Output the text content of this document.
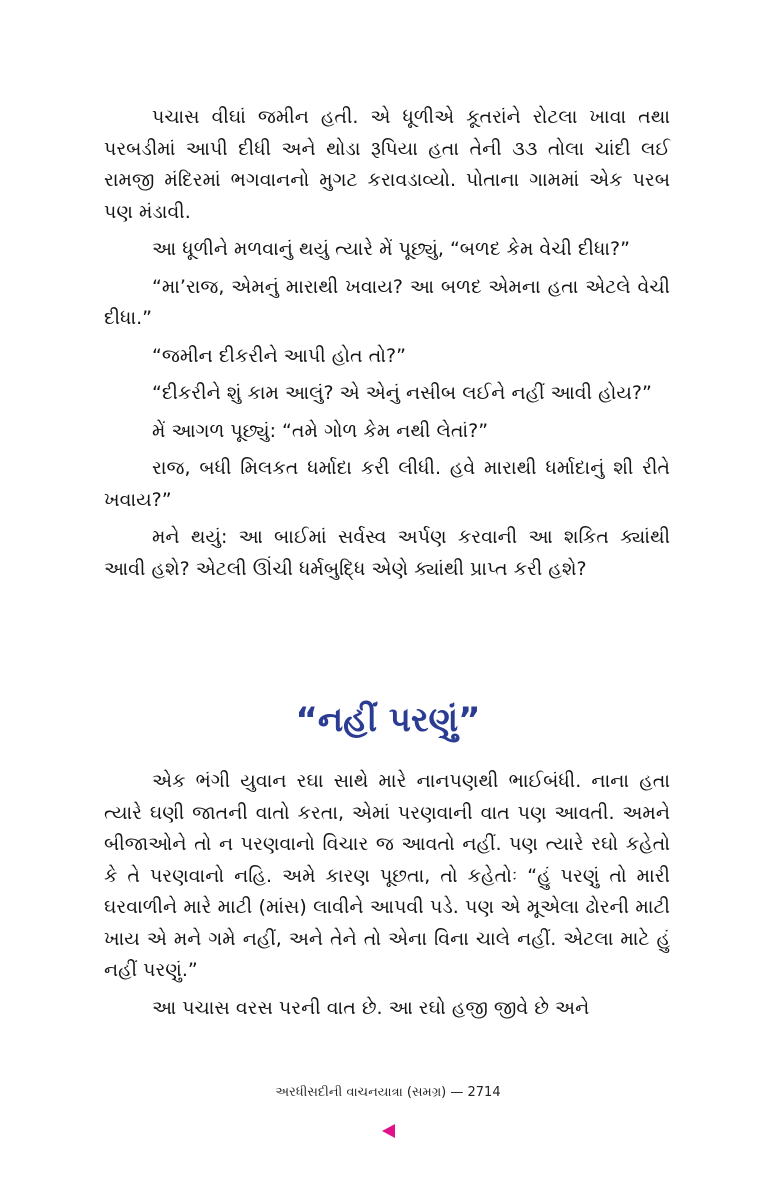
પચાસ વીઘાં જમીન હતી. એ ધૂળીએ કૂતરાંને રોટલા ખાવા તથા પરબડીમાં આપી દીધી અને થોડા રૂપિયા હતા તેની ૩૩ તોલા ચાંદી લઈ રામજી મંદિરમાં ભગવાનનો મુગટ કરાવડાવ્યો. પોતાના ગામમાં એક પરબ પણ મંડાવી.

આ ધૂળીને મળવાનું થયું ત્યારે મેં પૂછ્યું, “બળદ કેમ વેચી દીધા?”

“મા’રાજ, એમનું મારાથી ખવાય? આ બળદ એમના હતા એટલે વેચી દીધા.”

“જમીન દીકરીને આપી હોત તો?”

“દીકરીને શું કામ આલું? એ એનું નસીબ લઈને નહીં આવી હોય?”

મેં આગળ પૂછ્યું: “તમે ગોળ કેમ નથી લેતાં?”

રાજ, બધી મિલકત ધર્માદા કરી લીધી. હવે મારાથી ધર્માદાનું શી રીતે ખવાય?”

મને થયું: આ બાઈમાં સર્વસ્વ અર્પણ કરવાની આ શકિત ક્યાંથી આવી હશે? એટલી ઊંચી ધર્મબુદ્ધિ એણે ક્યાંથી પ્રાપ્ત કરી હશે?

“નહીં પરણું”

એક ભંગી યુવાન રઘા સાથે મારે નાનપણથી ભાઈબંધી. નાના હતા ત્યારે ઘણી જાતની વાતો કરતા, એમાં પરણવાની વાત પણ આવતી. અમને બીજાઓને તો ન પરણવાનો વિચાર જ આવતો નહીં. પણ ત્યારે રઘો કહેતો કે તે પરણવાનો નહિ. અમે કારણ પૂછતા, તો કહેતોઃ “હું પરણું તો મારી ઘરવાળીને મારે માટી (માંસ) લાવીને આપવી પડે. પણ એ મૂએલા ઢોરની માટી ખાય એ મને ગમે નહીં, અને તેને તો એના વિના ચાલે નહીં. એટલા માટે હું નહીં પરણું.”

આ પચાસ વરસ પરની વાત છે. આ રઘો હજી જીવે છે અને

અરધીસદીની વાચનયાત્રા (સમગ્ર) — 2714
